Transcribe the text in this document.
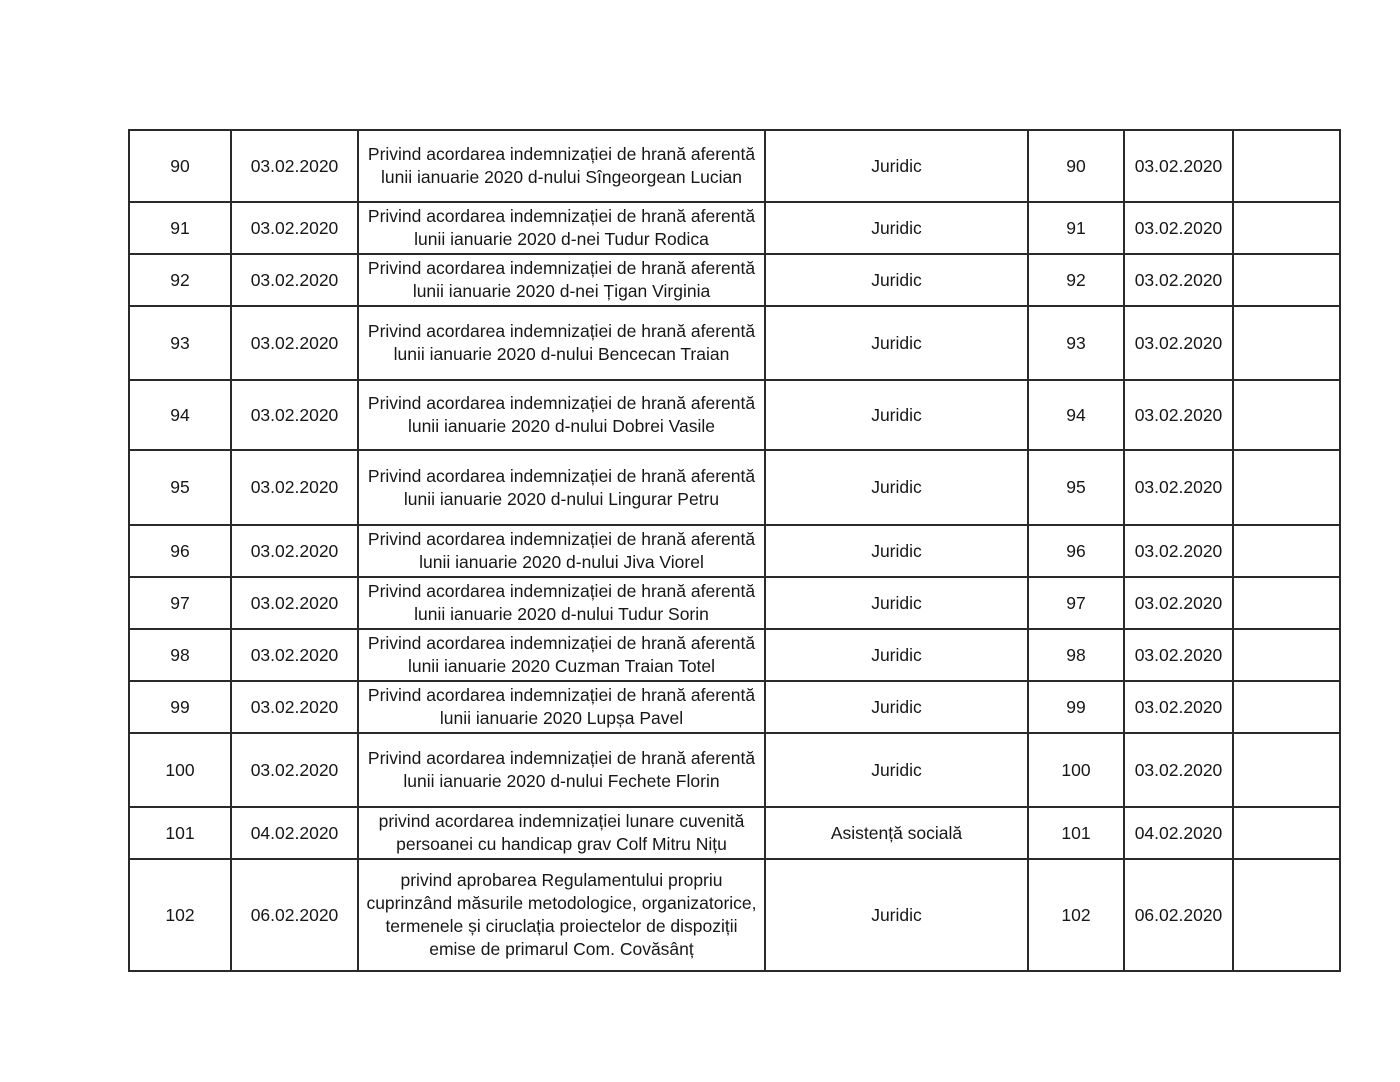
90	03.02.2020	Privind acordarea indemnizației de hrană aferentă lunii ianuarie 2020 d-nului Sîngeorgean Lucian	Juridic	90	03.02.2020	
91	03.02.2020	Privind acordarea indemnizației de hrană aferentă lunii ianuarie 2020 d-nei Tudur Rodica	Juridic	91	03.02.2020	
92	03.02.2020	Privind acordarea indemnizației de hrană aferentă lunii ianuarie 2020 d-nei Țigan Virginia	Juridic	92	03.02.2020	
93	03.02.2020	Privind acordarea indemnizației de hrană aferentă lunii ianuarie 2020 d-nului Bencecan Traian	Juridic	93	03.02.2020	
94	03.02.2020	Privind acordarea indemnizației de hrană aferentă lunii ianuarie 2020 d-nului Dobrei Vasile	Juridic	94	03.02.2020	
95	03.02.2020	Privind acordarea indemnizației de hrană aferentă lunii ianuarie 2020 d-nului Lingurar Petru	Juridic	95	03.02.2020	
96	03.02.2020	Privind acordarea indemnizației de hrană aferentă lunii ianuarie 2020 d-nului Jiva Viorel	Juridic	96	03.02.2020	
97	03.02.2020	Privind acordarea indemnizației de hrană aferentă lunii ianuarie 2020 d-nului Tudur Sorin	Juridic	97	03.02.2020	
98	03.02.2020	Privind acordarea indemnizației de hrană aferentă lunii ianuarie 2020 Cuzman Traian Totel	Juridic	98	03.02.2020	
99	03.02.2020	Privind acordarea indemnizației de hrană aferentă lunii ianuarie 2020 Lupșa Pavel	Juridic	99	03.02.2020	
100	03.02.2020	Privind acordarea indemnizației de hrană aferentă lunii ianuarie 2020 d-nului Fechete Florin	Juridic	100	03.02.2020	
101	04.02.2020	privind acordarea indemnizației lunare cuvenită persoanei cu handicap grav Colf Mitru Nițu	Asistență socială	101	04.02.2020	
102	06.02.2020	privind aprobarea Regulamentului propriu cuprinzând măsurile metodologice, organizatorice, termenele și ciruclația proiectelor de dispoziții emise de primarul Com. Covăsânț	Juridic	102	06.02.2020	
